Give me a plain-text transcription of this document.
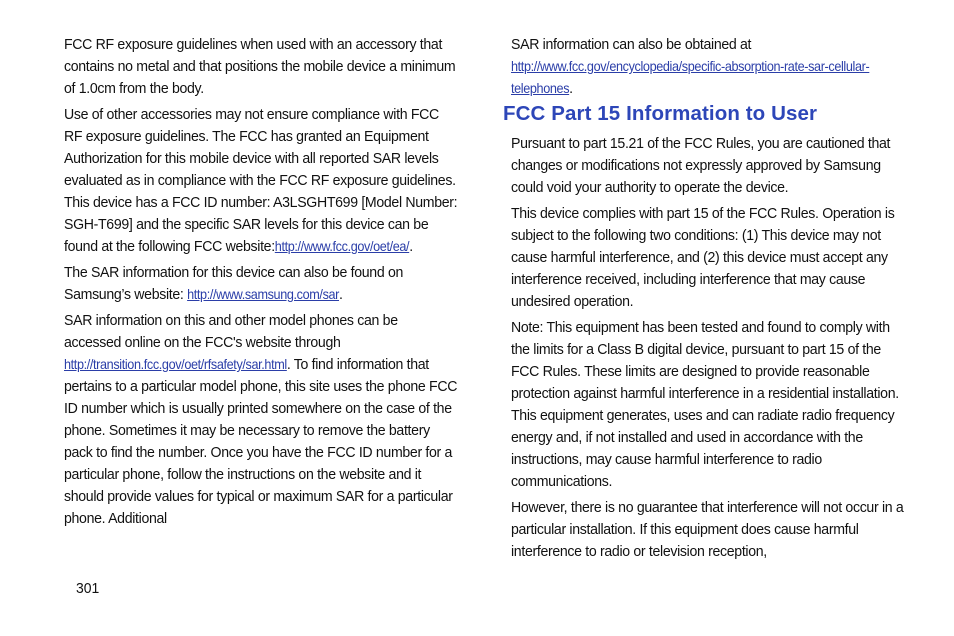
FCC RF exposure guidelines when used with an accessory that contains no metal and that positions the mobile device a minimum of 1.0cm from the body.

Use of other accessories may not ensure compliance with FCC RF exposure guidelines. The FCC has granted an Equipment Authorization for this mobile device with all reported SAR levels evaluated as in compliance with the FCC RF exposure guidelines. This device has a FCC ID number: A3LSGHT699 [Model Number: SGH-T699] and the specific SAR levels for this device can be found at the following FCC website:http://www.fcc.gov/oet/ea/.

The SAR information for this device can also be found on Samsung’s website: http://www.samsung.com/sar.

SAR information on this and other model phones can be accessed online on the FCC's website through http://transition.fcc.gov/oet/rfsafety/sar.html. To find information that pertains to a particular model phone, this site uses the phone FCC ID number which is usually printed somewhere on the case of the phone. Sometimes it may be necessary to remove the battery pack to find the number. Once you have the FCC ID number for a particular phone, follow the instructions on the website and it should provide values for typical or maximum SAR for a particular phone. Additional

SAR information can also be obtained at
http://www.fcc.gov/encyclopedia/specific-absorption-rate-sar-cellular-telephones.

FCC Part 15 Information to User

Pursuant to part 15.21 of the FCC Rules, you are cautioned that changes or modifications not expressly approved by Samsung could void your authority to operate the device.

This device complies with part 15 of the FCC Rules. Operation is subject to the following two conditions: (1) This device may not cause harmful interference, and (2) this device must accept any interference received, including interference that may cause undesired operation.

Note: This equipment has been tested and found to comply with the limits for a Class B digital device, pursuant to part 15 of the FCC Rules. These limits are designed to provide reasonable protection against harmful interference in a residential installation. This equipment generates, uses and can radiate radio frequency energy and, if not installed and used in accordance with the instructions, may cause harmful interference to radio communications.

However, there is no guarantee that interference will not occur in a particular installation. If this equipment does cause harmful interference to radio or television reception,

301
